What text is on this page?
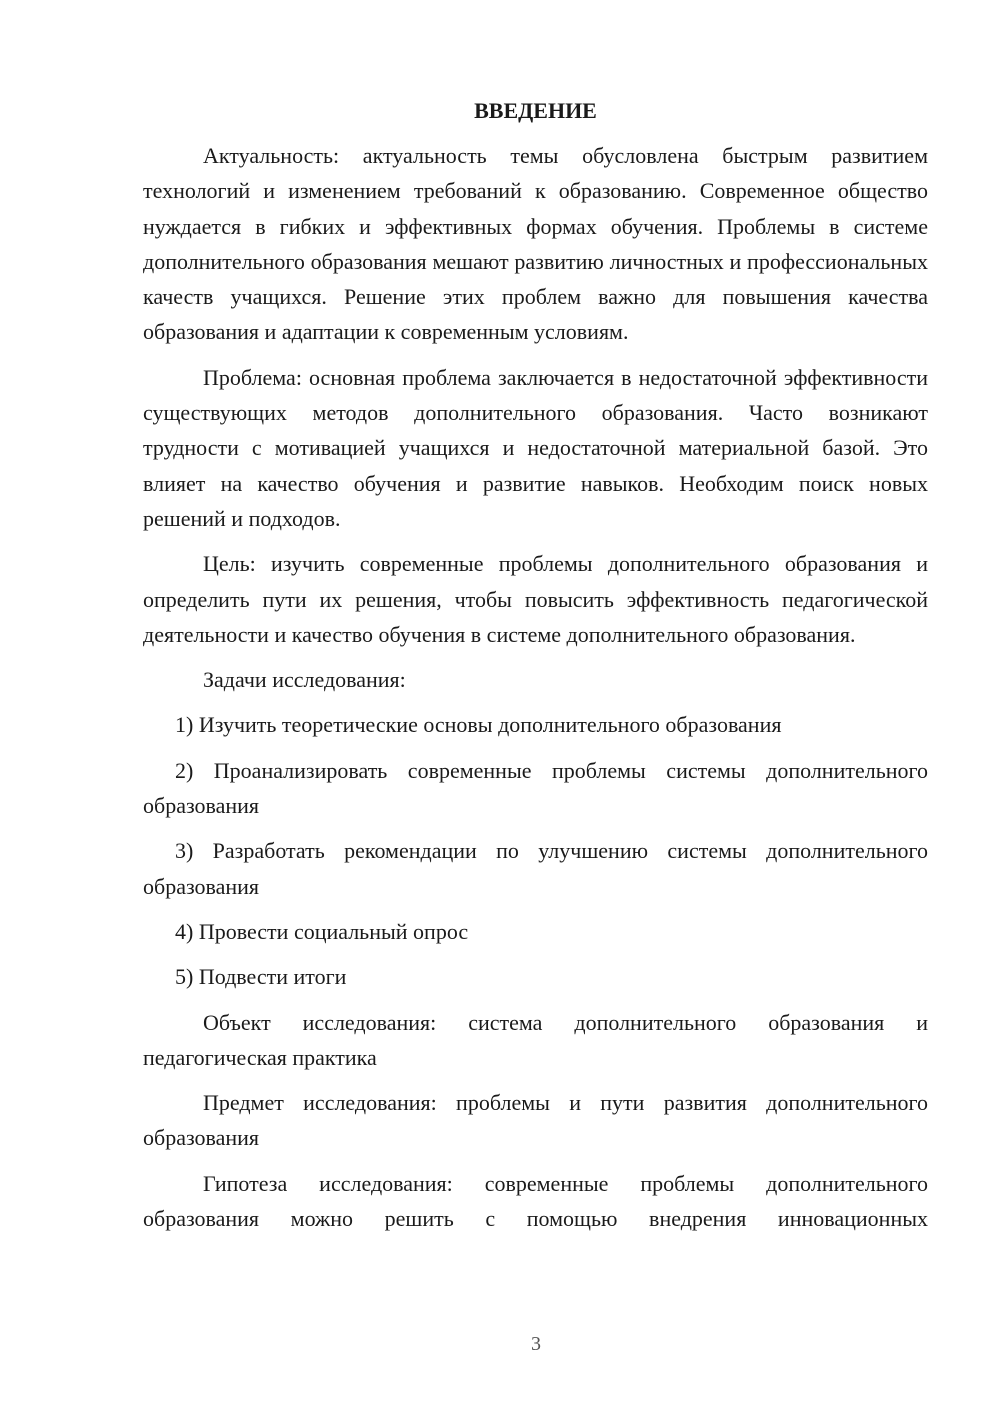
ВВЕДЕНИЕ

Актуальность: актуальность темы обусловлена быстрым развитием технологий и изменением требований к образованию. Современное общество нуждается в гибких и эффективных формах обучения. Проблемы в системе дополнительного образования мешают развитию личностных и профессиональных качеств учащихся. Решение этих проблем важно для повышения качества образования и адаптации к современным условиям.

Проблема: основная проблема заключается в недостаточной эффективности существующих методов дополнительного образования. Часто возникают трудности с мотивацией учащихся и недостаточной материальной базой. Это влияет на качество обучения и развитие навыков. Необходим поиск новых решений и подходов.

Цель: изучить современные проблемы дополнительного образования и определить пути их решения, чтобы повысить эффективность педагогической деятельности и качество обучения в системе дополнительного образования.

Задачи исследования:

1) Изучить теоретические основы дополнительного образования

2) Проанализировать современные проблемы системы дополнительного образования

3) Разработать рекомендации по улучшению системы дополнительного образования

4) Провести социальный опрос

5) Подвести итоги

Объект исследования: система дополнительного образования и педагогическая практика

Предмет исследования: проблемы и пути развития дополнительного образования

Гипотеза исследования: современные проблемы дополнительного образования можно решить с помощью внедрения инновационных

3
